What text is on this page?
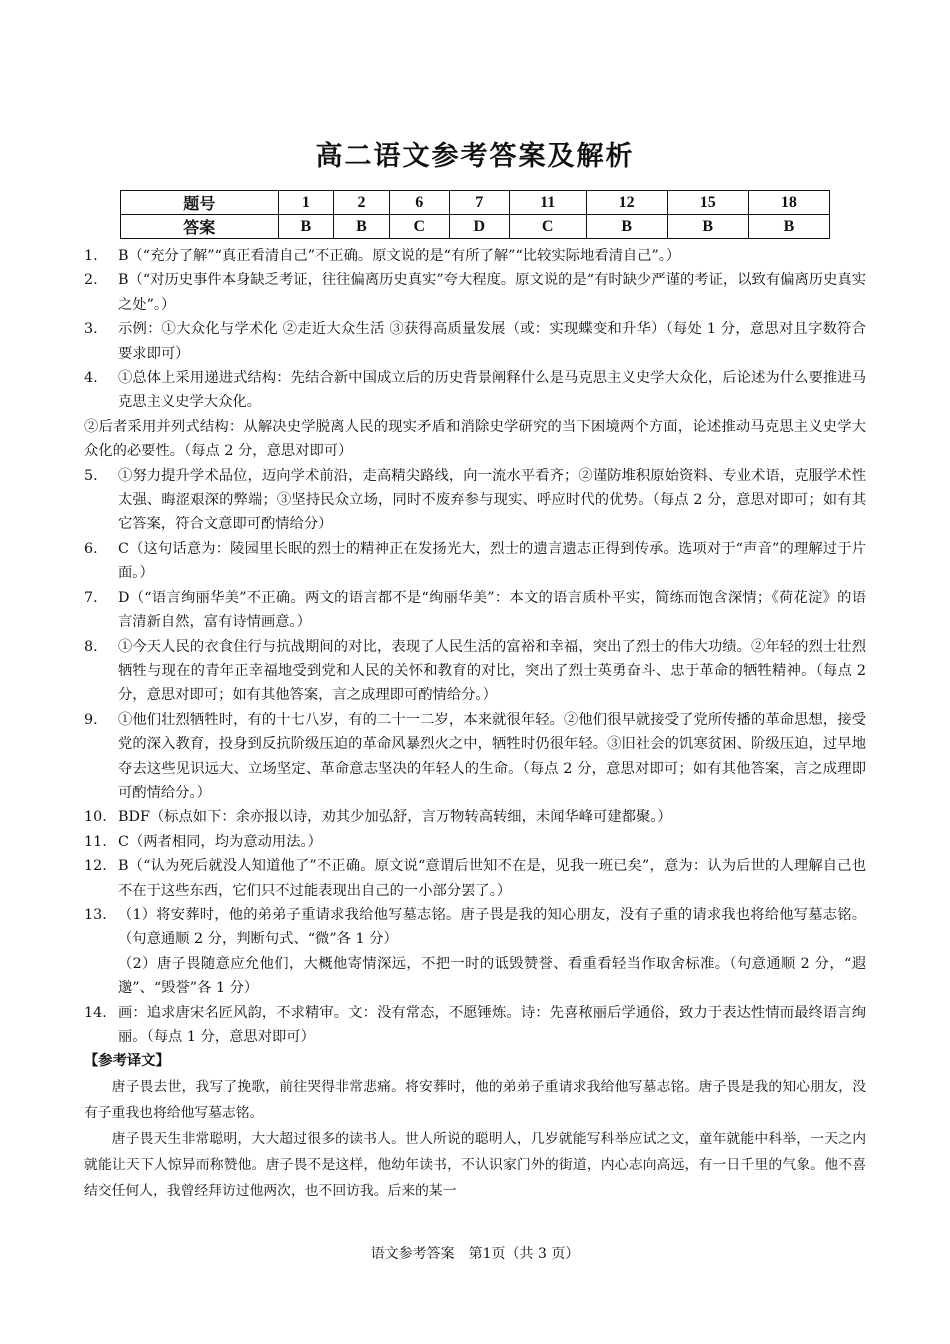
高二语文参考答案及解析
题号	1	2	6	7	11	12	15	18
答案	B	B	C	D	C	B	B	B
1.	B（“充分了解”“真正看清自己”不正确。原文说的是“有所了解”“比较实际地看清自己”。）
2.	B（“对历史事件本身缺乏考证，往往偏离历史真实”夸大程度。原文说的是“有时缺少严谨的考证，以致有偏离历史真实之处”。）
3.	示例：①大众化与学术化 ②走近大众生活 ③获得高质量发展（或：实现蝶变和升华）（每处 1 分，意思对且字数符合要求即可）
4.	①总体上采用递进式结构：先结合新中国成立后的历史背景阐释什么是马克思主义史学大众化，后论述为什么要推进马克思主义史学大众化。
②后者采用并列式结构：从解决史学脱离人民的现实矛盾和消除史学研究的当下困境两个方面，论述推动马克思主义史学大众化的必要性。（每点 2 分，意思对即可）
5.	①努力提升学术品位，迈向学术前沿，走高精尖路线，向一流水平看齐；②谨防堆积原始资料、专业术语，克服学术性太强、晦涩艰深的弊端；③坚持民众立场，同时不废弃参与现实、呼应时代的优势。（每点 2 分，意思对即可；如有其它答案，符合文意即可酌情给分）
6.	C（这句话意为：陵园里长眠的烈士的精神正在发扬光大，烈士的遗言遗志正得到传承。选项对于“声音”的理解过于片面。）
7.	D（“语言绚丽华美”不正确。两文的语言都不是“绚丽华美”：本文的语言质朴平实，简练而饱含深情；《荷花淀》的语言清新自然，富有诗情画意。）
8.	①今天人民的衣食住行与抗战期间的对比，表现了人民生活的富裕和幸福，突出了烈士的伟大功绩。②年轻的烈士壮烈牺牲与现在的青年正幸福地受到党和人民的关怀和教育的对比，突出了烈士英勇奋斗、忠于革命的牺牲精神。（每点 2 分，意思对即可；如有其他答案，言之成理即可酌情给分。）
9.	①他们壮烈牺牲时，有的十七八岁，有的二十一二岁，本来就很年轻。②他们很早就接受了党所传播的革命思想，接受党的深入教育，投身到反抗阶级压迫的革命风暴烈火之中，牺牲时仍很年轻。③旧社会的饥寒贫困、阶级压迫，过早地夺去这些见识远大、立场坚定、革命意志坚决的年轻人的生命。（每点 2 分，意思对即可；如有其他答案，言之成理即可酌情给分。）
10. BDF（标点如下：余亦报以诗，劝其少加弘舒，言万物转高转细，未闻华峰可建都聚。）
11. C（两者相同，均为意动用法。）
12. B（“认为死后就没人知道他了”不正确。原文说“意谓后世知不在是，见我一班已矣”，意为：认为后世的人理解自己也不在于这些东西，它们只不过能表现出自己的一小部分罢了。）
13. （1）将安葬时，他的弟弟子重请求我给他写墓志铭。唐子畏是我的知心朋友，没有子重的请求我也将给他写墓志铭。（句意通顺 2 分，判断句式、“微”各 1 分）
（2）唐子畏随意应允他们，大概他寄情深远，不把一时的诋毁赞誉、看重看轻当作取舍标准。（句意通顺 2 分，“遐邈”、“毁誉”各 1 分）
14. 画：追求唐宋名匠风韵，不求精审。文：没有常态，不愿锤炼。诗：先喜秾丽后学通俗，致力于表达性情而最终语言绚丽。（每点 1 分，意思对即可）
【参考译文】

唐子畏去世，我写了挽歌，前往哭得非常悲痛。将安葬时，他的弟弟子重请求我给他写墓志铭。唐子畏是我的知心朋友，没有子重我也将给他写墓志铭。

唐子畏天生非常聪明，大大超过很多的读书人。世人所说的聪明人，几岁就能写科举应试之文，童年就能中科举，一天之内就能让天下人惊异而称赞他。唐子畏不是这样，他幼年读书，不认识家门外的街道，内心志向高远，有一日千里的气象。他不喜结交任何人，我曾经拜访过他两次，也不回访我。后来的某一

语文参考答案　第1页（共 3 页）
